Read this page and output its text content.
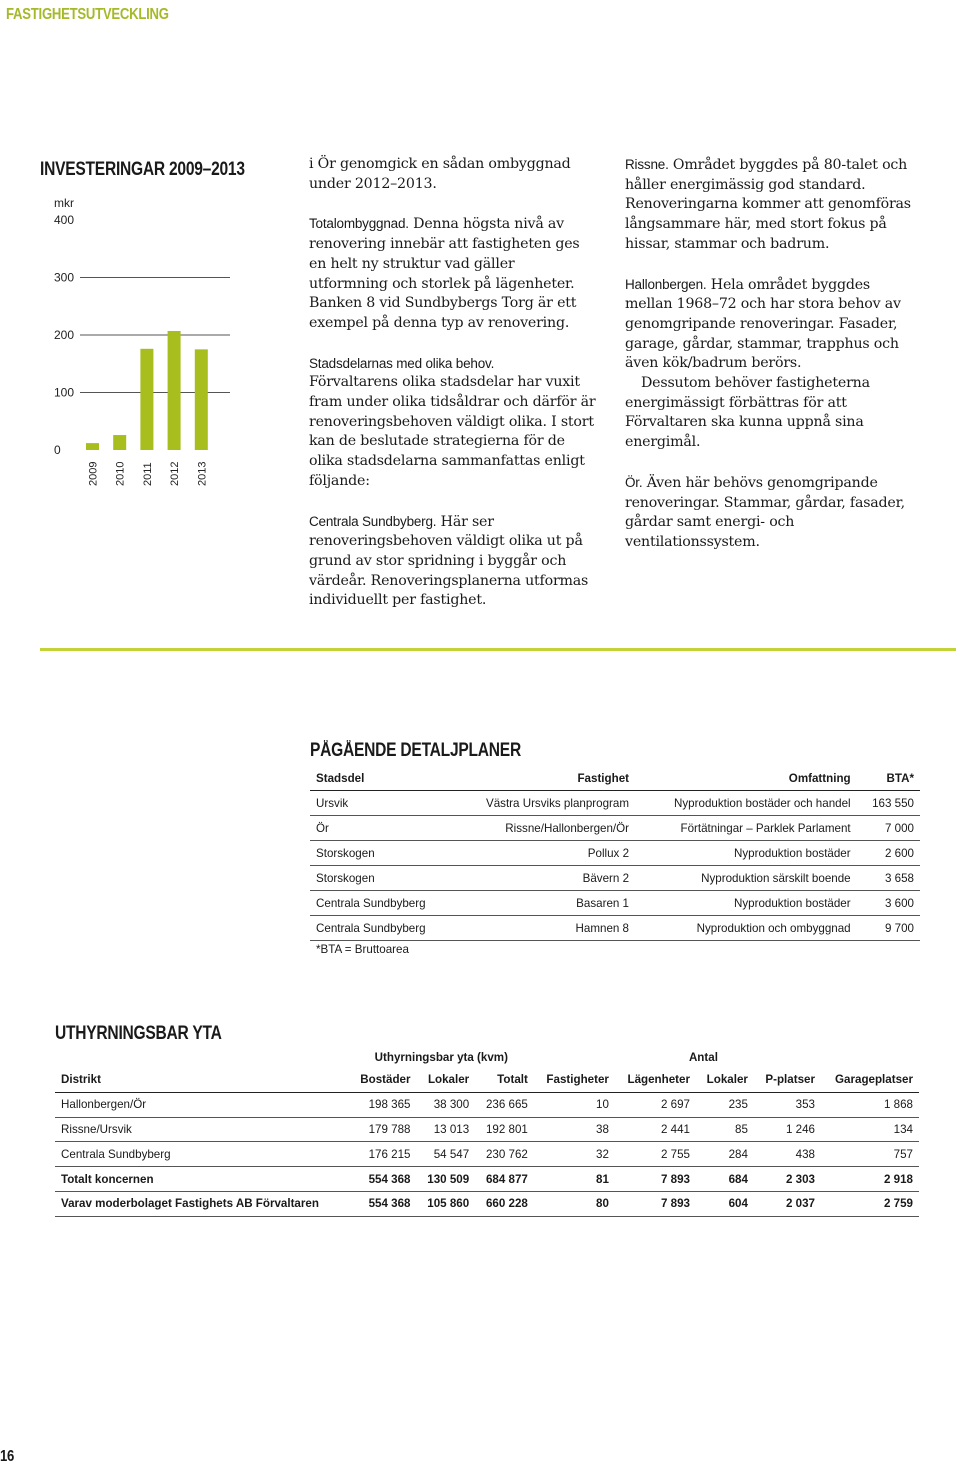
FASTIGHETSUTVECKLING
INVESTERINGAR 2009–2013
mkr
0
100
200
300
400
2009 2010 2011 2012 2013

i Ör genomgick en sådan ombyggnad under 2012–2013.

Totalombyggnad. Denna högsta nivå av renovering innebär att fastigheten ges en helt ny struktur vad gäller utformning och storlek på lägenheter. Banken 8 vid Sundbybergs Torg är ett exempel på denna typ av renovering.

Stadsdelarnas med olika behov.

Förvaltarens olika stadsdelar har vuxit fram under olika tidsåldrar och därför är renoveringsbehoven väldigt olika. I stort kan de beslutade strategierna för de olika stadsdelarna sammanfattas enligt följande:

Centrala Sundbyberg. Här ser renoveringsbehoven väldigt olika ut på grund av stor spridning i byggår och värdeår. Renoveringsplanerna utformas individuellt per fastighet.

Rissne. Området byggdes på 80-talet och håller energimässig god standard. Renoveringarna kommer att genomföras långsammare här, med stort fokus på hissar, stammar och badrum.

Hallonbergen. Hela området byggdes mellan 1968–72 och har stora behov av genomgripande renoveringar. Fasader, garage, gårdar, stammar, trapphus och även kök/badrum berörs.

Dessutom behöver fastigheterna energimässigt förbättras för att Förvaltaren ska kunna uppnå sina energimål.

Ör. Även här behövs genomgripande renoveringar. Stammar, gårdar, fasader, gårdar samt energi- och ventilationssystem.

PÅGÅENDE DETALJPLANER
Stadsdel	Fastighet	Omfattning	BTA*
Ursvik	Västra Ursviks planprogram	Nyproduktion bostäder och handel	163 550
Ör	Rissne/Hallonbergen/Ör	Förtätningar – Parklek Parlament	7 000
Storskogen	Pollux 2	Nyproduktion bostäder	2 600
Storskogen	Bävern 2	Nyproduktion särskilt boende	3 658
Centrala Sundbyberg	Basaren 1	Nyproduktion bostäder	3 600
Centrala Sundbyberg	Hamnen 8	Nyproduktion och ombyggnad	9 700
*BTA = Bruttoarea
UTHYRNINGSBAR YTA
	Uthyrningsbar yta (kvm)			Antal				
Distrikt	Bostäder	Lokaler	Totalt	Fastigheter	Lägenheter	Lokaler	P-platser	Garageplatser
Hallonbergen/Ör	198 365	38 300	236 665	10	2 697	235	353	1 868
Rissne/Ursvik	179 788	13 013	192 801	38	2 441	85	1 246	134
Centrala Sundbyberg	176 215	54 547	230 762	32	2 755	284	438	757
Totalt koncernen	554 368	130 509	684 877	81	7 893	684	2 303	2 918
Varav moderbolaget Fastighets AB Förvaltaren	554 368	105 860	660 228	80	7 893	604	2 037	2 759
16
